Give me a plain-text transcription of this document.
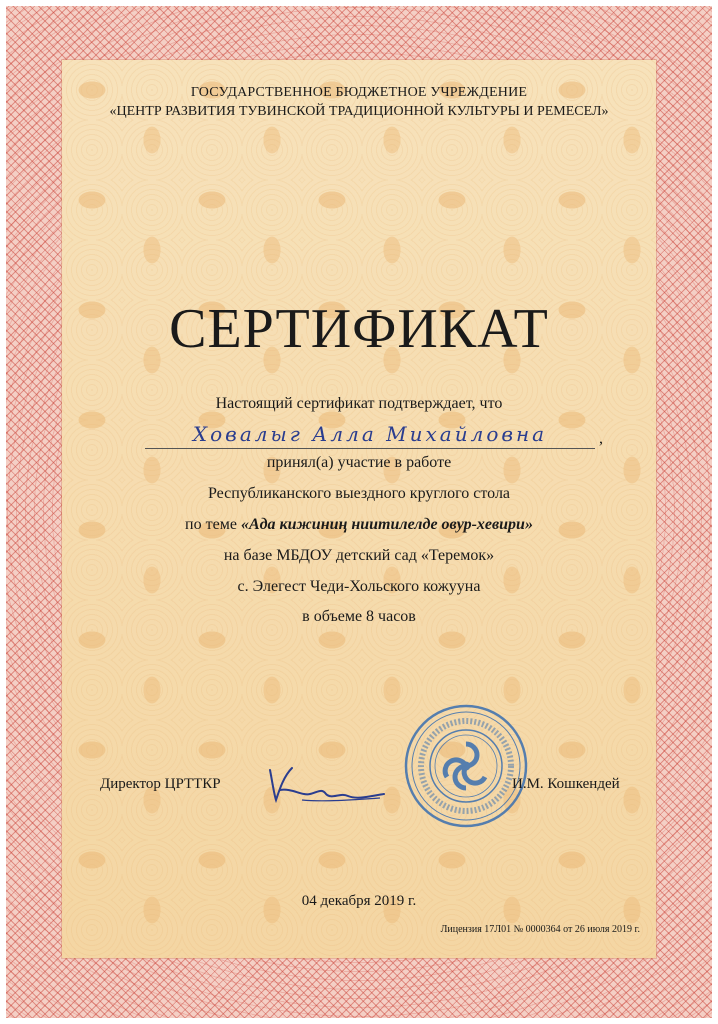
ГОСУДАРСТВЕННОЕ БЮДЖЕТНОЕ УЧРЕЖДЕНИЕ
«ЦЕНТР РАЗВИТИЯ ТУВИНСКОЙ ТРАДИЦИОННОЙ КУЛЬТУРЫ И РЕМЕСЕЛ»
СЕРТИФИКАТ
Настоящий сертификат подтверждает, что
Ховалыг Алла Михайловна	,
принял(а) участие в работе
Республиканского выездного круглого стола
по теме «Ада кижиниң ниитилелде овур-хевири»
на базе МБДОУ детский сад «Теремок»
с. Элегест Чеди-Хольского кожууна
в объеме 8 часов
Директор ЦРТТКР	И.М. Кошкендей
04 декабря 2019 г.
Лицензия 17Л01 № 0000364 от 26 июля 2019 г.
